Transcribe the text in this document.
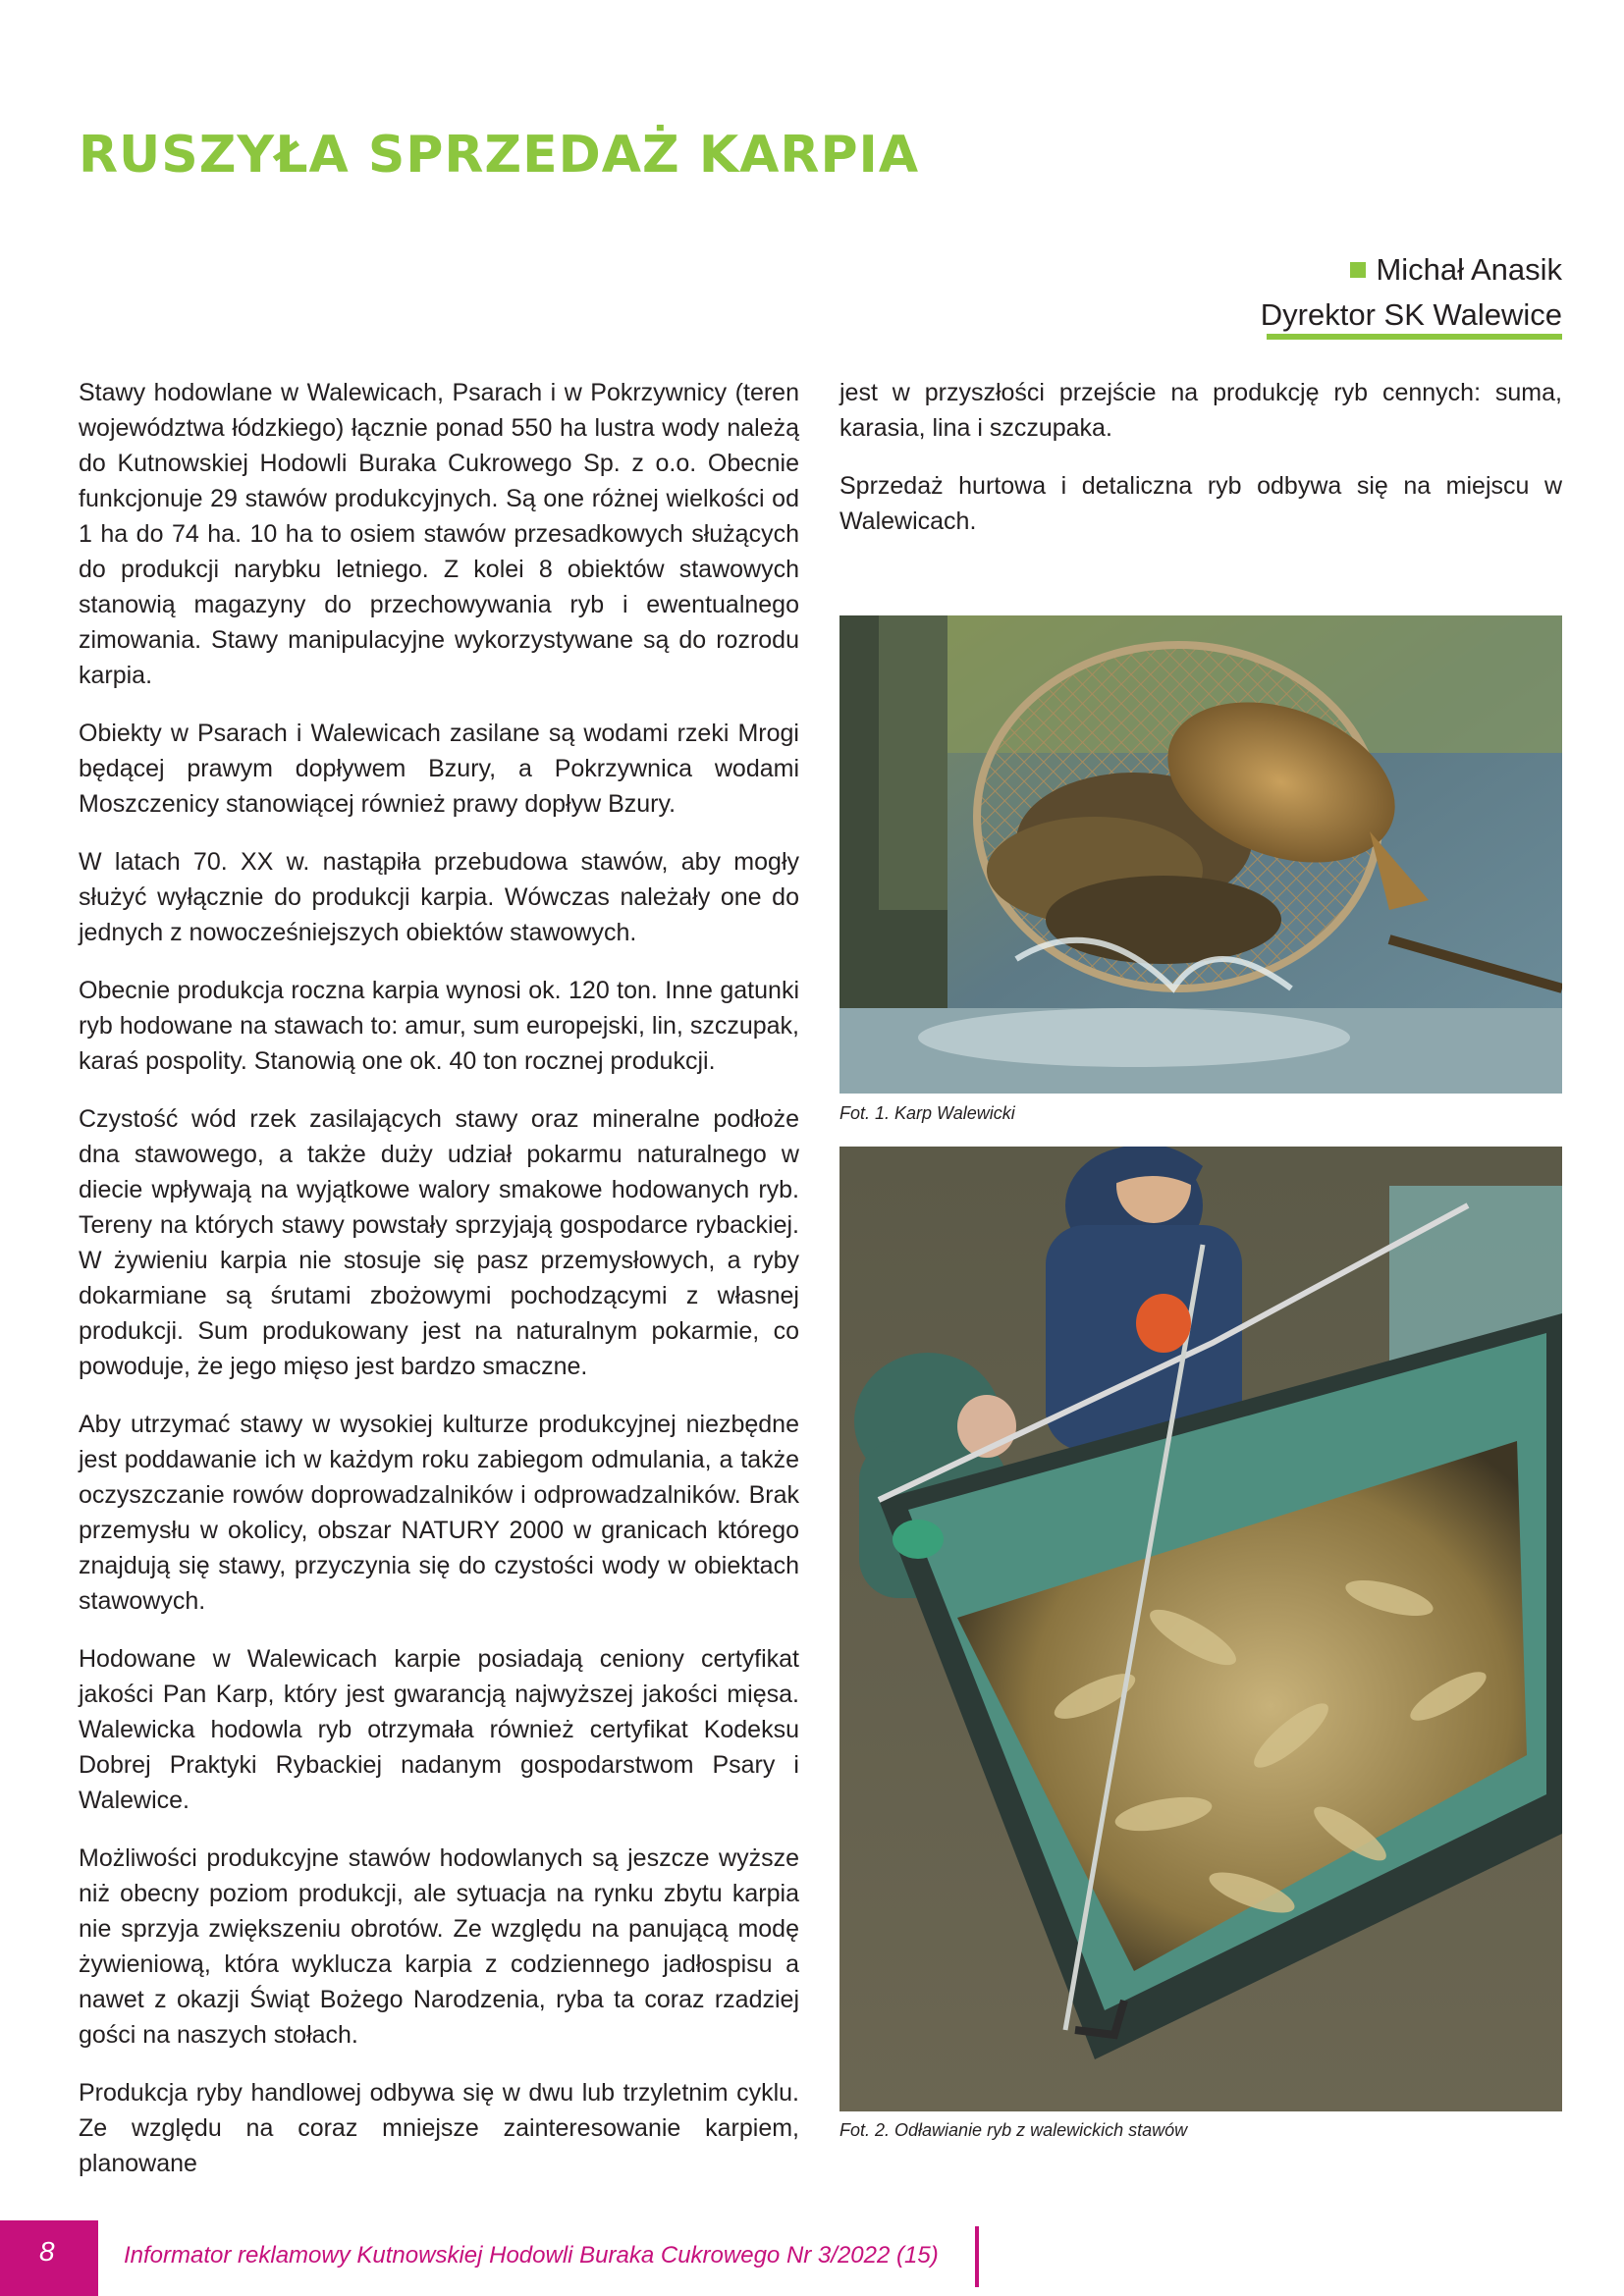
RUSZYŁA SPRZEDAŻ KARPIA
Michał Anasik
Dyrektor SK Walewice

Stawy hodowlane w Walewicach, Psarach i w Pokrzywnicy (teren województwa łódzkiego) łącznie ponad 550 ha lustra wody należą do Kutnowskiej Hodowli Buraka Cukrowego Sp. z o.o. Obecnie funkcjonuje 29 stawów produkcyjnych. Są one różnej wielkości od 1 ha do 74 ha. 10 ha to osiem stawów przesadkowych służących do produkcji narybku letniego. Z kolei 8 obiektów stawowych stanowią magazyny do przechowywania ryb i ewentualnego zimowania. Stawy manipulacyjne wykorzystywane są do rozrodu karpia.

Obiekty w Psarach i Walewicach zasilane są wodami rzeki Mrogi będącej prawym dopływem Bzury, a Pokrzywnica wodami Moszczenicy stanowiącej również prawy dopływ Bzury.

W latach 70. XX w. nastąpiła przebudowa stawów, aby mogły służyć wyłącznie do produkcji karpia. Wówczas należały one do jednych z nowocześniejszych obiektów stawowych.

Obecnie produkcja roczna karpia wynosi ok. 120 ton. Inne gatunki ryb hodowane na stawach to: amur, sum europejski, lin, szczupak, karaś pospolity. Stanowią one ok. 40 ton rocznej produkcji.

Czystość wód rzek zasilających stawy oraz mineralne podłoże dna stawowego, a także duży udział pokarmu naturalnego w diecie wpływają na wyjątkowe walory smakowe hodowanych ryb. Tereny na których stawy powstały sprzyjają gospodarce rybackiej. W żywieniu karpia nie stosuje się pasz przemysłowych, a ryby dokarmiane są śrutami zbożowymi pochodzącymi z własnej produkcji. Sum produkowany jest na naturalnym pokarmie, co powoduje, że jego mięso jest bardzo smaczne.

Aby utrzymać stawy w wysokiej kulturze produkcyjnej niezbędne jest poddawanie ich w każdym roku zabiegom odmulania, a także oczyszczanie rowów doprowadzalników i odprowadzalników. Brak przemysłu w okolicy, obszar NATURY 2000 w granicach którego znajdują się stawy, przyczynia się do czystości wody w obiektach stawowych.

Hodowane w Walewicach karpie posiadają ceniony certyfikat jakości Pan Karp, który jest gwarancją najwyższej jakości mięsa. Walewicka hodowla ryb otrzymała również certyfikat Kodeksu Dobrej Praktyki Rybackiej nadanym gospodarstwom Psary i Walewice.

Możliwości produkcyjne stawów hodowlanych są jeszcze wyższe niż obecny poziom produkcji, ale sytuacja na rynku zbytu karpia nie sprzyja zwiększeniu obrotów. Ze względu na panującą modę żywieniową, która wyklucza karpia z codziennego jadłospisu a nawet z okazji Świąt Bożego Narodzenia, ryba ta coraz rzadziej gości na naszych stołach.

Produkcja ryby handlowej odbywa się w dwu lub trzyletnim cyklu. Ze względu na coraz mniejsze zainteresowanie karpiem, planowane

jest w przyszłości przejście na produkcję ryb cennych: suma, karasia, lina i szczupaka.

Sprzedaż hurtowa i detaliczna ryb odbywa się na miejscu w Walewicach.

Fot. 1. Karp Walewicki
Fot. 2. Odławianie ryb z walewickich stawów
8	Informator reklamowy Kutnowskiej Hodowli Buraka Cukrowego Nr 3/2022 (15)
